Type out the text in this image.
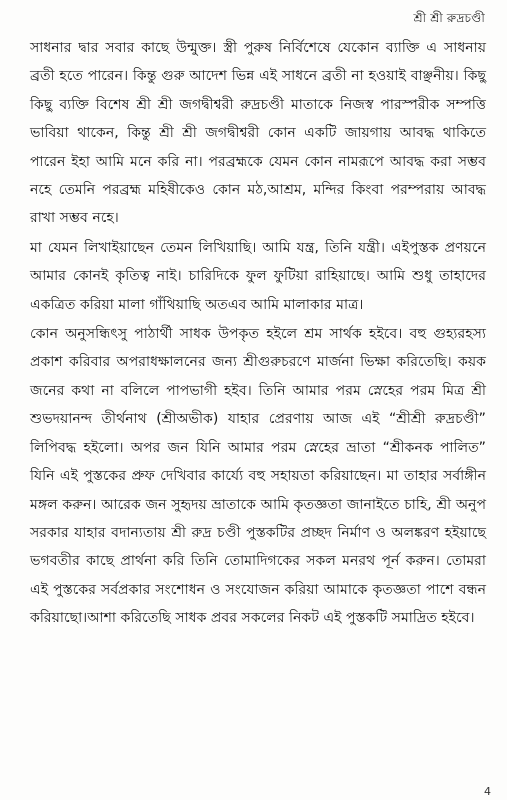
শ্রী শ্রী রুদ্রচণ্ডী

সাধনার দ্বার সবার কাছে উন্মুক্ত। স্ত্রী পুরুষ নির্বিশেষে যেকোন ব্যাক্তি এ সাধনায় ব্রতী হতে পারেন। কিন্তু গুরু আদেশ ভিন্ন এই সাধনে ব্রতী না হওয়াই বাঞ্ছনীয়। কিছু কিছু ব্যক্তি বিশেষ শ্রী শ্রী জগদ্বীশ্বরী রুদ্রচণ্ডী মাতাকে নিজস্ব পারস্পরীক সম্পত্তি ভাবিয়া থাকেন, কিন্তু শ্রী শ্রী জগদ্বীশ্বরী কোন একটি জায়গায় আবদ্ধ থাকিতে পারেন ইহা আমি মনে করি না। পরব্রহ্মকে যেমন কোন নামরূপে আবদ্ধ করা সম্ভব নহে তেমনি পরব্রহ্ম মহিষীকেও কোন মঠ,আশ্রম, মন্দির কিংবা পরম্পরায় আবদ্ধ রাখা সম্ভব নহে।

মা যেমন লিখাইয়াছেন তেমন লিখিয়াছি। আমি যন্ত্র, তিনি যন্ত্রী। এইপুস্তক প্রণয়নে আমার কোনই কৃতিত্ব নাই। চারিদিকে ফুল ফুটিয়া রাহিয়াছে। আমি শুধু তাহাদের একত্রিত করিয়া মালা গাঁথিয়াছি অতএব আমি মালাকার মাত্র।

কোন অনুসন্ধিৎসু পাঠার্থী সাধক উপকৃত হইলে শ্রম সার্থক হইবে। বহু গুহ্যরহস্য প্রকাশ করিবার অপরাধক্ষালনের জন্য শ্রীগুরুচরণে মার্জনা ভিক্ষা করিতেছি। কয়ক জনের কথা না বলিলে পাপভাগী হইব। তিনি আমার পরম স্নেহের পরম মিত্র শ্রী শুভদয়ানন্দ তীর্থনাথ (শ্রীঅভীক) যাহার প্রেরণায় আজ এই “শ্রীশ্রী রুদ্রচণ্ডী” লিপিবদ্ধ হইলো। অপর জন যিনি আমার পরম স্নেহের ভ্রাতা “শ্রীকনক পালিত” যিনি এই পুস্তকের প্রুফ দেখিবার কার্য্যে বহু সহায়তা করিয়াছেন। মা তাহার সর্বাঙ্গীন মঙ্গল করুন। আরেক জন সুহৃদয় ভ্রাতাকে আমি কৃতজ্ঞতা জানাইতে চাহি, শ্রী অনুপ সরকার যাহার বদান্যতায় শ্রী রুদ্র চণ্ডী পুস্তকটির প্রচ্ছদ নির্মাণ ও অলঙ্করণ হইয়াছে ভগবতীর কাছে প্রার্থনা করি তিনি তোমাদিগকের সকল মনরথ পূর্ন করুন। তোমরা এই পুস্তকের সর্বপ্রকার সংশোধন ও সংযোজন করিয়া আমাকে কৃতজ্ঞতা পাশে বন্ধন করিয়াছো।আশা করিতেছি সাধক প্রবর সকলের নিকট এই পুস্তকটি সমাদ্রিত হইবে।

4
